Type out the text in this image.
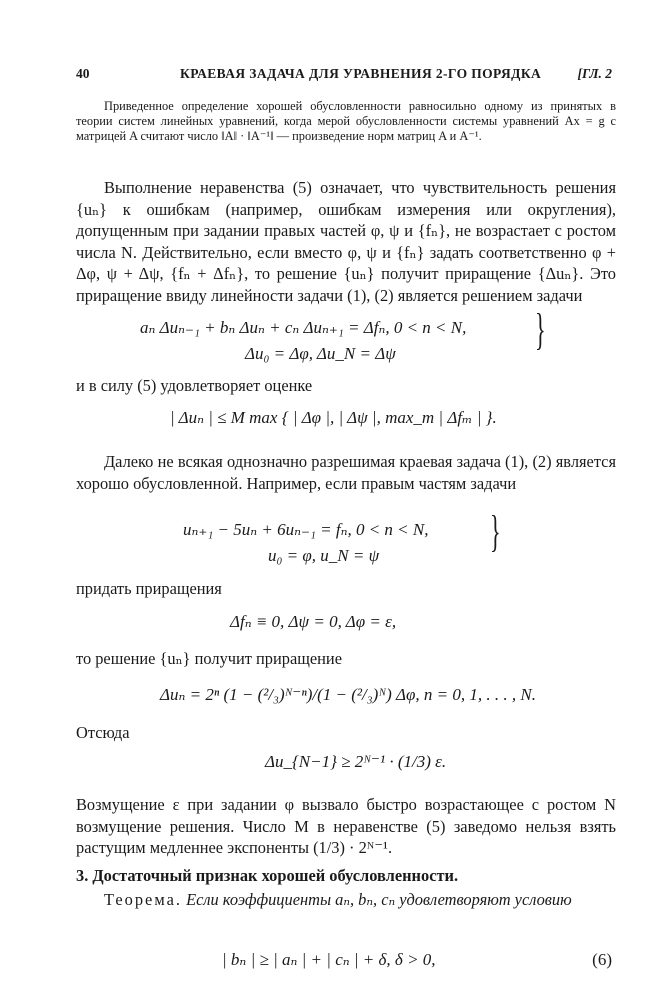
40	КРАЕВАЯ ЗАДАЧА ДЛЯ УРАВНЕНИЯ 2-ГО ПОРЯДКА	[ГЛ. 2
Приведенное определение хорошей обусловленности равносильно одному из принятых в теории систем линейных уравнений, когда мерой обусловленности системы уравнений Ax = g с матрицей A считают число ‖A‖ · ‖A⁻¹‖ — произведение норм матриц A и A⁻¹.
Выполнение неравенства (5) означает, что чувствительность решения {uₙ} к ошибкам (например, ошибкам измерения или округления), допущенным при задании правых частей φ, ψ и {fₙ}, не возрастает с ростом числа N. Действительно, если вместо φ, ψ и {fₙ} задать соответственно φ + Δφ, ψ + Δψ, {fₙ + Δfₙ}, то решение {uₙ} получит приращение {Δuₙ}. Это приращение ввиду линейности задачи (1), (2) является решением задачи
aₙ Δuₙ₋₁ + bₙ Δuₙ + cₙ Δuₙ₊₁ = Δfₙ, 0 < n < N,
Δu₀ = Δφ, Δu_N = Δψ	}
и в силу (5) удовлетворяет оценке
| Δuₙ | ≤ M max { | Δφ |, | Δψ |, max_m | Δfₘ | }.
Далеко не всякая однозначно разрешимая краевая задача (1), (2) является хорошо обусловленной. Например, если правым частям задачи
uₙ₊₁ − 5uₙ + 6uₙ₋₁ = fₙ, 0 < n < N,
u₀ = φ, u_N = ψ	}
придать приращения
Δfₙ ≡ 0, Δψ = 0, Δφ = ε,
то решение {uₙ} получит приращение
Δuₙ = 2ⁿ (1 − (²/₃)ᴺ⁻ⁿ)/(1 − (²/₃)ᴺ) Δφ, n = 0, 1, . . . , N.
Отсюда
Δu_{N−1} ≥ 2ᴺ⁻¹ · (1/3) ε.
Возмущение ε при задании φ вызвало быстро возрастающее с ростом N возмущение решения. Число M в неравенстве (5) заведомо нельзя взять растущим медленнее экспоненты (1/3) · 2ᴺ⁻¹.
3. Достаточный признак хорошей обусловленности.
Теорема. Если коэффициенты aₙ, bₙ, cₙ удовлетворяют условию
| bₙ | ≥ | aₙ | + | cₙ | + δ, δ > 0,	(6)
